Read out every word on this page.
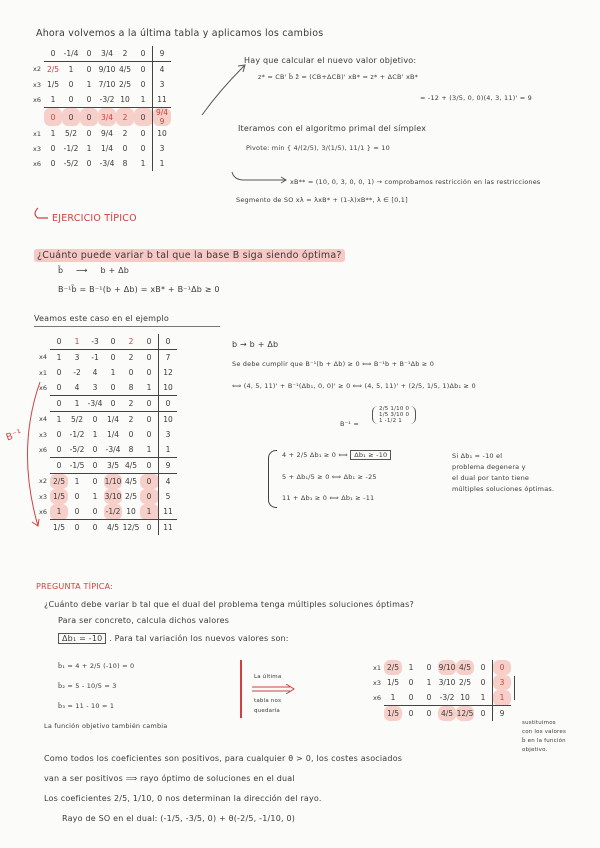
Ahora volvemos a la última tabla y aplicamos los cambios
	0	-1/4	0	3/4	2	0	9
x2	2/5	1	0	9/10	4/5	0	4
x3	1/5	0	1	7/10	2/5	0	3
x6	1	0	0	-3/2	10	1	11
	0	0	0	3/4	2	0	9/4 9
x1	1	5/2	0	9/4	2	0	10
x3	0	-1/2	1	1/4	0	0	3
x6	0	-5/2	0	-3/4	8	1	1
Hay que calcular el nuevo valor objetivo:
z* = CB' b̄ z̃ = (CB+ΔCB)' xB* = z* + ΔCB' xB*
= -12 + (3/5, 0, 0)(4, 3, 11)' = 9
Iteramos con el algoritmo primal del símplex
Pivote: min { 4/(2/5), 3/(1/5), 11/1 } = 10
xB** = (10, 0, 3, 0, 0, 1) → comprobamos restricción en las restricciones
Segmento de SO xλ = λxB* + (1-λ)xB**, λ ∈ [0,1]
EJERCICIO TÍPICO
¿Cuánto puede variar b tal que la base B siga siendo óptima?
b̃ ⟶ b + Δb
B⁻¹b̃ = B⁻¹(b + Δb) = xB* + B⁻¹Δb ≥ 0
Veamos este caso en el ejemplo
	0	1	-3	0	2	0	0
x4	1	3	-1	0	2	0	7
x1	0	-2	4	1	0	0	12
x6	0	4	3	0	8	1	10
	0	1	-3/4	0	2	0	0
x4	1	5/2	0	1/4	2	0	10
x3	0	-1/2	1	1/4	0	0	3
x6	0	-5/2	0	-3/4	8	1	1
	0	-1/5	0	3/5	4/5	0	9
x2	2/5	1	0	1/10	4/5	0	4
x3	1/5	0	1	3/10	2/5	0	5
x6	1	0	0	-1/2	10	1	11
	1/5	0	0	4/5	12/5	0	11
B⁻¹
b → b + Δb
Se debe cumplir que B⁻¹(b + Δb) ≥ 0 ⟺ B⁻¹b + B⁻¹Δb ≥ 0
⟺ (4, 5, 11)' + B⁻¹(Δb₁, 0, 0)' ≥ 0 ⟺ (4, 5, 11)' + (2/5, 1/5, 1)Δb₁ ≥ 0
B⁻¹ =
2/5 1/10 0
1/5 3/10 0
1 -1/2 1
4 + 2/5 Δb₁ ≥ 0 ⟺ Δb₁ ≥ -10
5 + Δb₁/5 ≥ 0 ⟺ Δb₁ ≥ -25
11 + Δb₁ ≥ 0 ⟺ Δb₁ ≥ -11
Si Δb₁ = -10 el
problema degenera y
el dual por tanto tiene
múltiples soluciones óptimas.
PREGUNTA TÍPICA:
¿Cuánto debe variar b tal que el dual del problema tenga múltiples soluciones óptimas?
Para ser concreto, calcula dichos valores
Δb₁ = -10 . Para tal variación los nuevos valores son:
b̃₁ = 4 + 2/5 (-10) = 0
b̃₂ = 5 - 10/5 = 3
b̃₃ = 11 - 10 = 1
La función objetivo también cambia
La última
tabla nos
quedaría
x1	2/5	1	0	9/10	4/5	0	0
x3	1/5	0	1	3/10	2/5	0	3
x6	1	0	0	-3/2	10	1	1
	1/5	0	0	4/5	12/5	0	9
sustituimos
con los valores
b̃ en la función
objetivo.
Como todos los coeficientes son positivos, para cualquier θ > 0, los costes asociados
van a ser positivos ⟹ rayo óptimo de soluciones en el dual
Los coeficientes 2/5, 1/10, 0 nos determinan la dirección del rayo.
Rayo de SO en el dual: (-1/5, -3/5, 0) + θ(-2/5, -1/10, 0)
